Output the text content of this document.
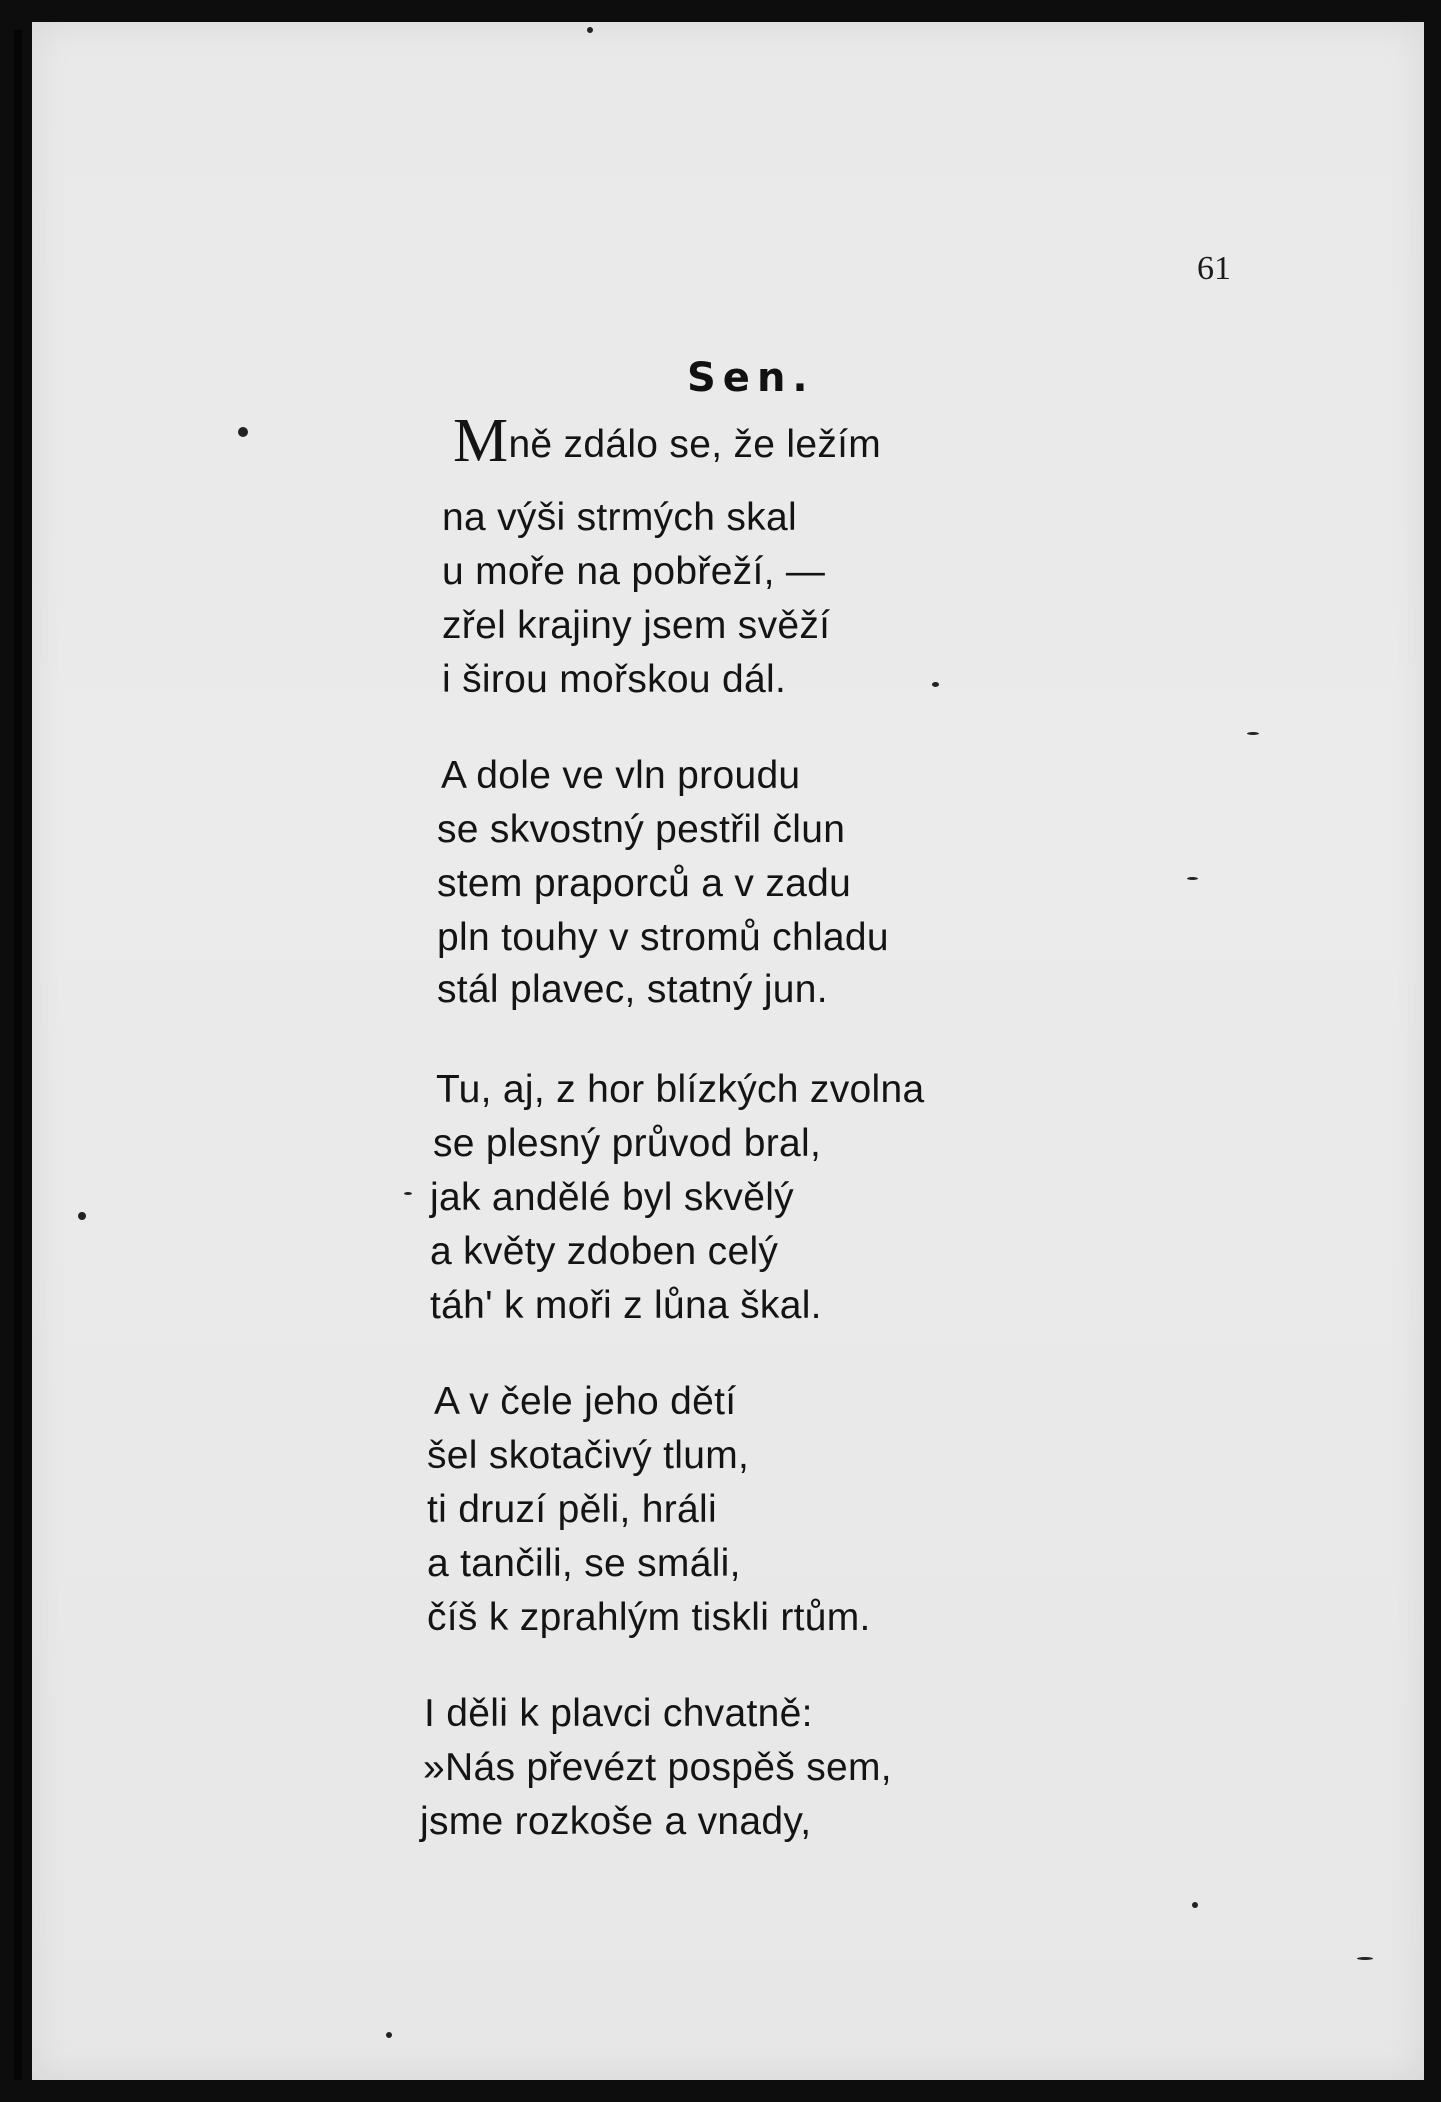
61
Sen.
Mně zdálo se, že ležím
na výši strmých skal
u moře na pobřeží, —
zřel krajiny jsem svěží
i širou mořskou dál.
A dole ve vln proudu
se skvostný pestřil člun
stem praporců a v zadu
pln touhy v stromů chladu
stál plavec, statný jun.
Tu, aj, z hor blízkých zvolna
se plesný průvod bral,
jak andělé byl skvělý
a květy zdoben celý
táh' k moři z lůna škal.
A v čele jeho dětí
šel skotačivý tlum,
ti druzí pěli, hráli
a tančili, se smáli,
číš k zprahlým tiskli rtům.
I děli k plavci chvatně:
»Nás převézt pospěš sem,
jsme rozkoše a vnady,
